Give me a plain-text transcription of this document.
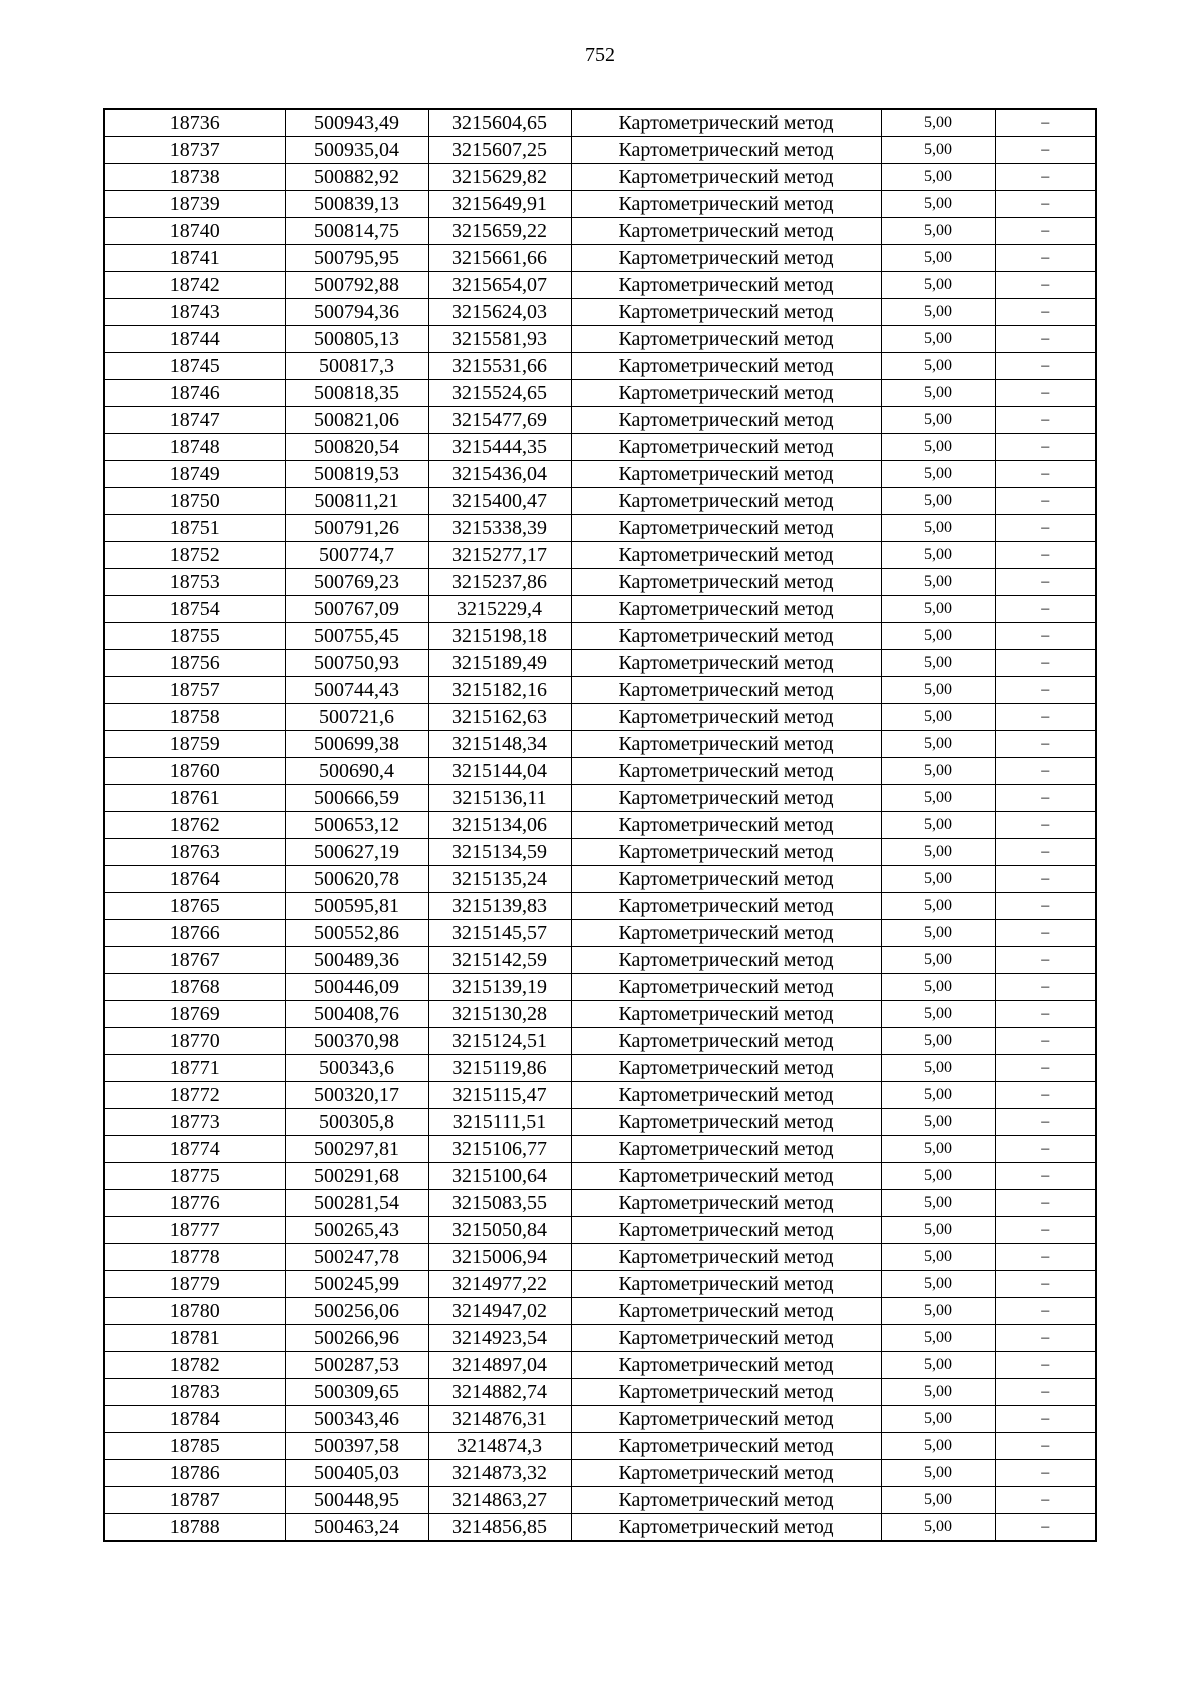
752
18736	500943,49	3215604,65	Картометрический метод	5,00	–
18737	500935,04	3215607,25	Картометрический метод	5,00	–
18738	500882,92	3215629,82	Картометрический метод	5,00	–
18739	500839,13	3215649,91	Картометрический метод	5,00	–
18740	500814,75	3215659,22	Картометрический метод	5,00	–
18741	500795,95	3215661,66	Картометрический метод	5,00	–
18742	500792,88	3215654,07	Картометрический метод	5,00	–
18743	500794,36	3215624,03	Картометрический метод	5,00	–
18744	500805,13	3215581,93	Картометрический метод	5,00	–
18745	500817,3	3215531,66	Картометрический метод	5,00	–
18746	500818,35	3215524,65	Картометрический метод	5,00	–
18747	500821,06	3215477,69	Картометрический метод	5,00	–
18748	500820,54	3215444,35	Картометрический метод	5,00	–
18749	500819,53	3215436,04	Картометрический метод	5,00	–
18750	500811,21	3215400,47	Картометрический метод	5,00	–
18751	500791,26	3215338,39	Картометрический метод	5,00	–
18752	500774,7	3215277,17	Картометрический метод	5,00	–
18753	500769,23	3215237,86	Картометрический метод	5,00	–
18754	500767,09	3215229,4	Картометрический метод	5,00	–
18755	500755,45	3215198,18	Картометрический метод	5,00	–
18756	500750,93	3215189,49	Картометрический метод	5,00	–
18757	500744,43	3215182,16	Картометрический метод	5,00	–
18758	500721,6	3215162,63	Картометрический метод	5,00	–
18759	500699,38	3215148,34	Картометрический метод	5,00	–
18760	500690,4	3215144,04	Картометрический метод	5,00	–
18761	500666,59	3215136,11	Картометрический метод	5,00	–
18762	500653,12	3215134,06	Картометрический метод	5,00	–
18763	500627,19	3215134,59	Картометрический метод	5,00	–
18764	500620,78	3215135,24	Картометрический метод	5,00	–
18765	500595,81	3215139,83	Картометрический метод	5,00	–
18766	500552,86	3215145,57	Картометрический метод	5,00	–
18767	500489,36	3215142,59	Картометрический метод	5,00	–
18768	500446,09	3215139,19	Картометрический метод	5,00	–
18769	500408,76	3215130,28	Картометрический метод	5,00	–
18770	500370,98	3215124,51	Картометрический метод	5,00	–
18771	500343,6	3215119,86	Картометрический метод	5,00	–
18772	500320,17	3215115,47	Картометрический метод	5,00	–
18773	500305,8	3215111,51	Картометрический метод	5,00	–
18774	500297,81	3215106,77	Картометрический метод	5,00	–
18775	500291,68	3215100,64	Картометрический метод	5,00	–
18776	500281,54	3215083,55	Картометрический метод	5,00	–
18777	500265,43	3215050,84	Картометрический метод	5,00	–
18778	500247,78	3215006,94	Картометрический метод	5,00	–
18779	500245,99	3214977,22	Картометрический метод	5,00	–
18780	500256,06	3214947,02	Картометрический метод	5,00	–
18781	500266,96	3214923,54	Картометрический метод	5,00	–
18782	500287,53	3214897,04	Картометрический метод	5,00	–
18783	500309,65	3214882,74	Картометрический метод	5,00	–
18784	500343,46	3214876,31	Картометрический метод	5,00	–
18785	500397,58	3214874,3	Картометрический метод	5,00	–
18786	500405,03	3214873,32	Картометрический метод	5,00	–
18787	500448,95	3214863,27	Картометрический метод	5,00	–
18788	500463,24	3214856,85	Картометрический метод	5,00	–
